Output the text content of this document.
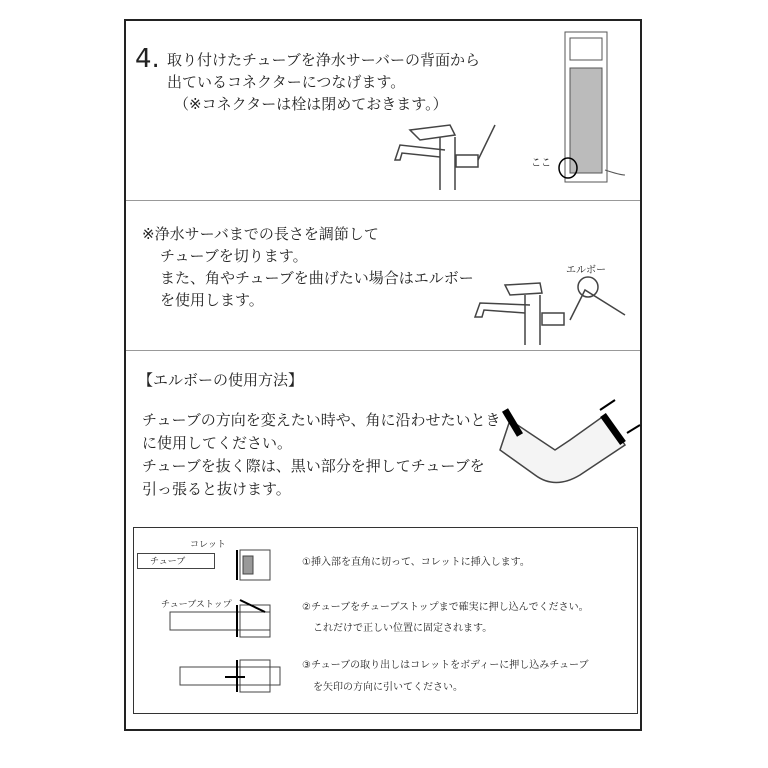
4. 取り付けたチューブを浄水サーバーの背面から
出ているコネクターにつなげます。
（※コネクターは栓は閉めておきます。）
ここ
※浄水サーバまでの長さを調節して
チューブを切ります。
また、角やチューブを曲げたい場合はエルボー
を使用します。
エルボー
【エルボーの使用方法】
チューブの方向を変えたい時や、角に沿わせたいとき
に使用してください。
チューブを抜く際は、黒い部分を押してチューブを
引っ張ると抜けます。
コレット
チューブ
チューブストップ
①挿入部を直角に切って、コレットに挿入します。
②チューブをチューブストップまで確実に押し込んでください。
これだけで正しい位置に固定されます。
③チューブの取り出しはコレットをボディーに押し込みチューブ
を矢印の方向に引いてください。
